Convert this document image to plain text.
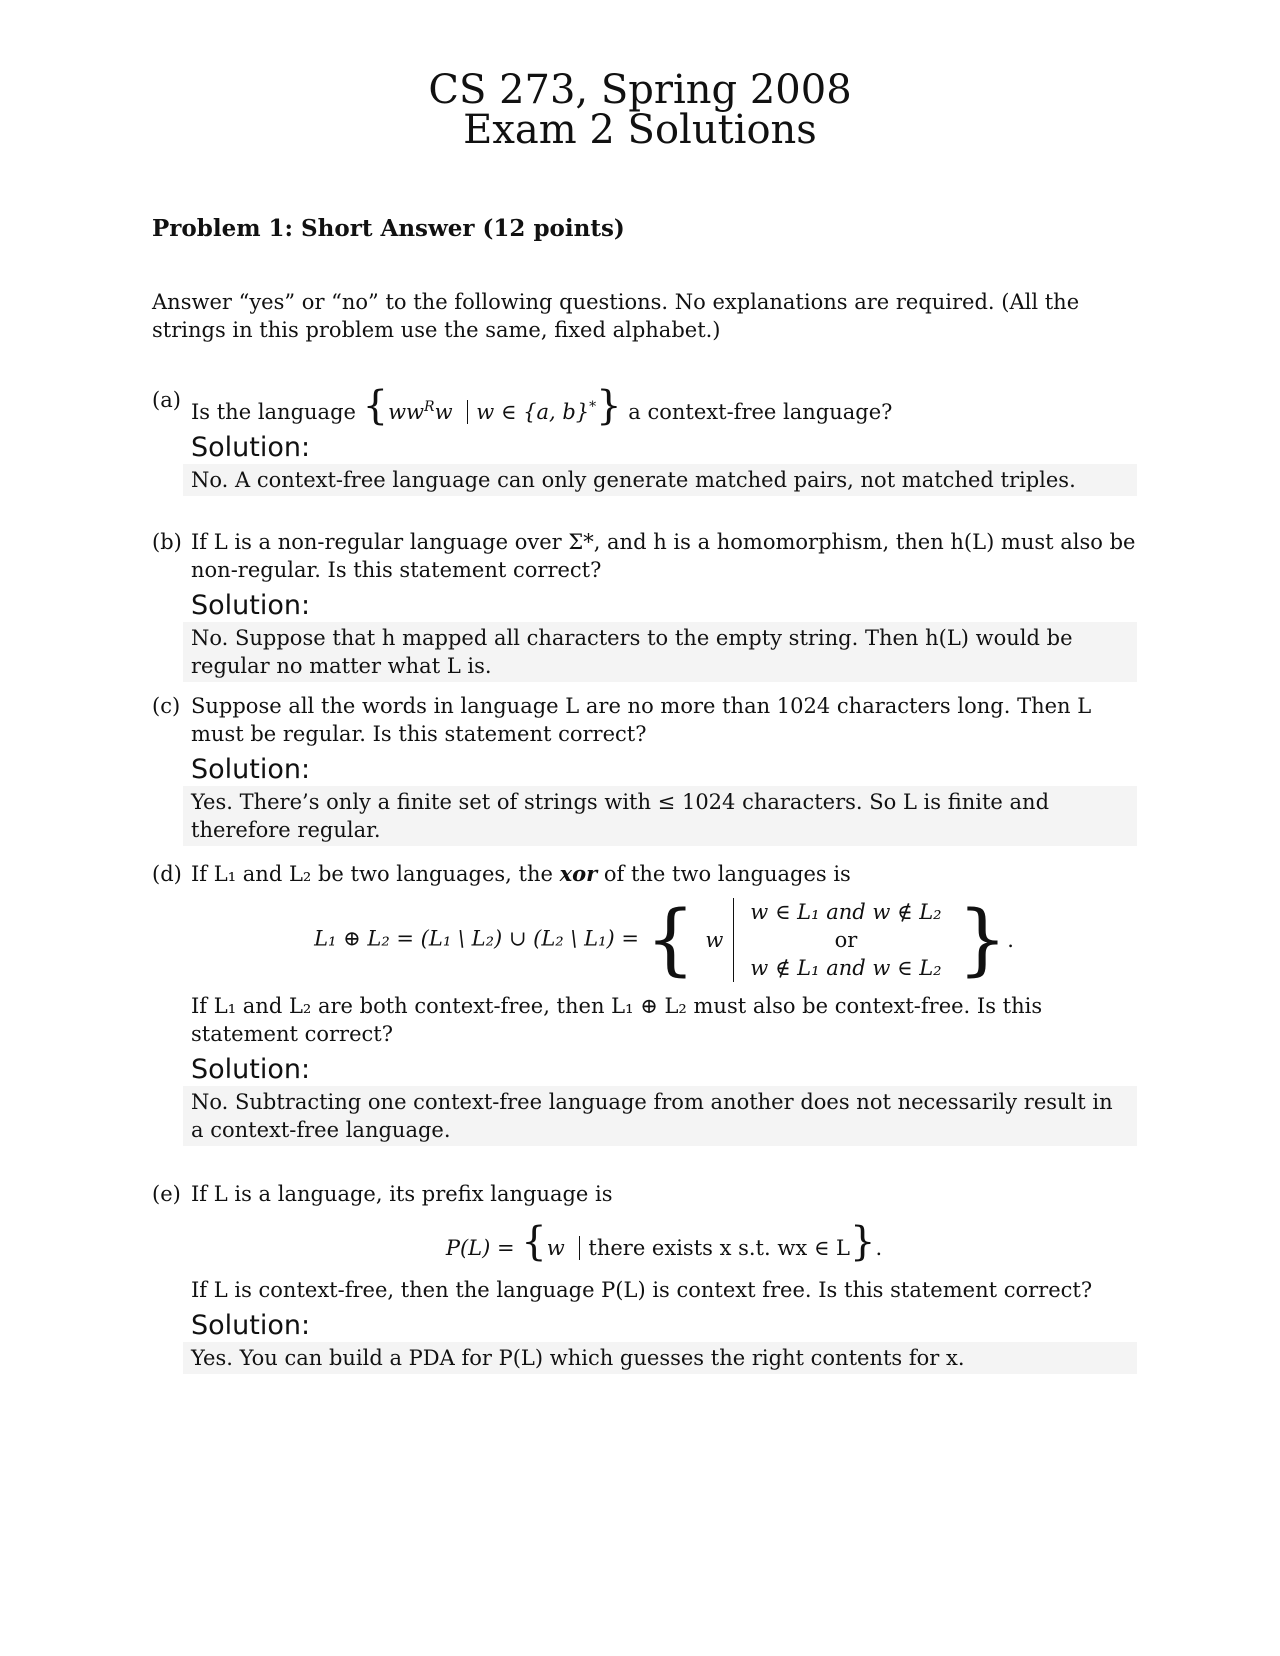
CS 273, Spring 2008
Exam 2 Solutions
Problem 1: Short Answer (12 points)
Answer “yes” or “no” to the following questions. No explanations are required. (All the strings in this problem use the same, fixed alphabet.)
(a) Is the language {$ww^Rw$ w ∈ {a, b}*} a context-free language?
Solution:
No. A context-free language can only generate matched pairs, not matched triples.
(b) If L is a non-regular language over Σ*, and h is a homomorphism, then h(L) must also be non-regular. Is this statement correct?
Solution:
No. Suppose that h mapped all characters to the empty string. Then h(L) would be regular no matter what L is.
(c) Suppose all the words in language L are no more than 1024 characters long. Then L must be regular. Is this statement correct?
Solution:
Yes. There’s only a finite set of strings with ≤ 1024 characters. So L is finite and therefore regular.
(d) If L₁ and L₂ be two languages, the xor of the two languages is
L₁ ⊕ L₂ = (L₁ \ L₂) ∪ (L₂ \ L₁) = { w
w ∈ L₁ and w ∉ L₂
or
w ∉ L₁ and w ∈ L₂ } .
If L₁ and L₂ are both context-free, then L₁ ⊕ L₂ must also be context-free. Is this statement correct?
Solution:
No. Subtracting one context-free language from another does not necessarily result in a context-free language.
(e) If L is a language, its prefix language is
P(L) = {w there exists x s.t. wx ∈ L}.
If L is context-free, then the language P(L) is context free. Is this statement correct?
Solution:
Yes. You can build a PDA for P(L) which guesses the right contents for x.
